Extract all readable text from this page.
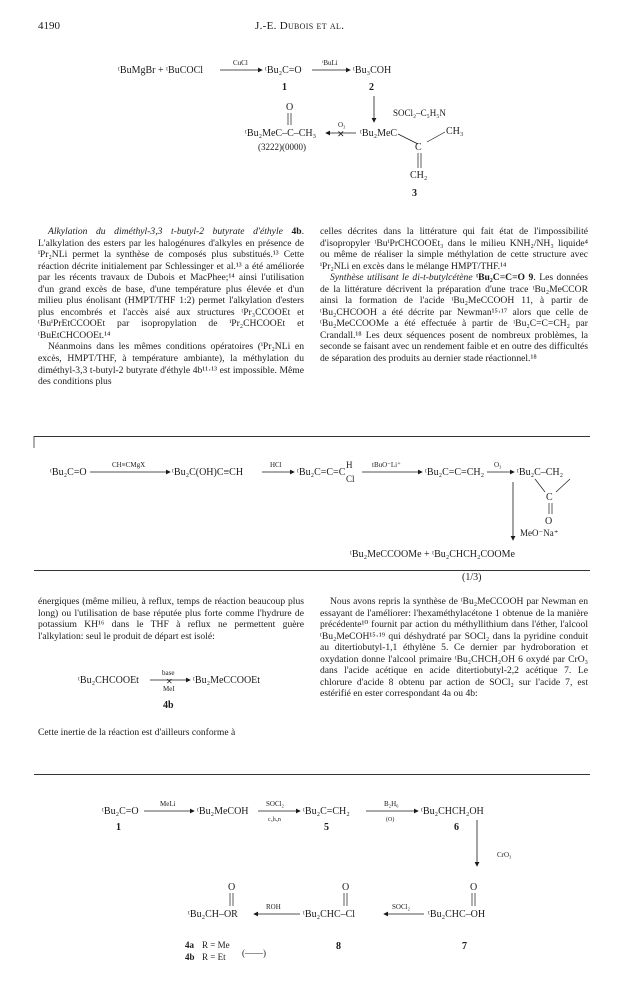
4190	J.-E. Dubois et al.
ᵗBuMgBr + ᵗBuCOCl
CuCl
ᵗBu₂C=O
ᵗBuLi
ᵗBu₃COH
1	2
SOCl₂–C₅H₅N
O
ᵗBu₂MeC–C–CH₃
(3222)(0000)
O₃
✕ ᵗBu₂MeC
C
CH₃
CH₂
3

Alkylation du diméthyl-3,3 t-butyl-2 butyrate d'éthyle 4b. L'alkylation des esters par les halogénures d'alkyles en présence de ⁱPr₂NLi permet la synthèse de composés plus substitués.¹³ Cette réaction décrite initialement par Schlessinger et al.¹³ a été améliorée par les récents travaux de Dubois et MacPhee;¹⁴ ainsi l'utilisation d'un grand excès de base, d'une température plus élevée et d'un milieu plus énolisant (HMPT/THF 1:2) permet l'alkylation d'esters plus encombrés et l'accès aisé aux structures ᵗPr₃CCOOEt et ᵗBuⁱPrEtCCOOEt par isopropylation de ⁱPr₂CHCOOEt et ᵗBuEtCHCOOEt.¹⁴

Néanmoins dans les mêmes conditions opératoires (ⁱPr₂NLi en excès, HMPT/THF, à température ambiante), la méthylation du diméthyl-3,3 t-butyl-2 butyrate d'éthyle 4b¹¹·¹³ est impossible. Même des conditions plus

celles décrites dans la littérature qui fait état de l'impossibilité d'isopropyler ᵗBuⁱPrCHCOOEt₃ dans le milieu KNH₂/NH₃ liquide⁴ ou même de réaliser la simple méthylation de cette structure avec ⁱPr₂NLi en excès dans le mélange HMPT/THF.¹⁴

Synthèse utilisant le di-t-butylcétène ᵗBu₂C=C=O 9. Les données de la littérature décrivent la préparation d'une trace ᵗBu₂MeCCOR ainsi la formation de l'acide ᵗBu₂MeCCOOH 11, à partir de ᵗBu₂CHCOOH a été décrite par Newman¹⁵·¹⁷ alors que celle de ᵗBu₂MeCCOOMe a été effectuée à partir de ᵗBu₂C=C=CH₂ par Crandall.¹⁸ Les deux séquences posent de nombreux problèmes, la seconde se faisant avec un rendement faible et en outre des difficultés de séparation des produits au dernier stade réactionnel.¹⁸

ᵗBu₂C=O
CH≡CMgX
ᵗBu₂C(OH)C≡CH
HCl
ᵗBu₂C=C=C
H
Cl
tBuO⁻Li⁺
ᵗBu₂C=C=CH₂
O₃
ᵗBu₂C–CH₂
C
O
MeO⁻Na⁺
ᵗBu₂MeCCOOMe + ᵗBu₂CHCH₂COOMe
(1/3)

énergiques (même milieu, à reflux, temps de réaction beaucoup plus long) ou l'utilisation de base réputée plus forte comme l'hydrure de potassium KH¹⁶ dans le THF à reflux ne permettent guère l'alkylation: seul le produit de départ est isolé:

ᵗBu₂CHCOOEt
base
MeI
✕ ᵗBu₂MeCCOOEt
4b

Cette inertie de la réaction est d'ailleurs conforme à

Nous avons repris la synthèse de ᵗBu₂MeCCOOH par Newman en essayant de l'améliorer: l'hexaméthylacétone 1 obtenue de la manière précédente¹⁰ fournit par action du méthyllithium dans l'éther, l'alcool ᵗBu₂MeCOH¹⁵·¹⁹ qui déshydraté par SOCl₂ dans la pyridine conduit au ditertiobutyl-1,1 éthylène 5. Ce dernier par hydroboration et oxydation donne l'alcool primaire ᵗBu₂CHCH₂OH 6 oxydé par CrO₃ dans l'acide acétique en acide ditertiobutyl-2,2 acétique 7. Le chlorure d'acide 8 obtenu par action de SOCl₂ sur l'acide 7, est estérifié en ester correspondant 4a ou 4b:

ᵗBu₂C=O
1
MeLi
ᵗBu₂MeCOH
SOCl₂
c₅h₅n
ᵗBu₂C=CH₂
5
B₂H₆
(O)
ᵗBu₂CHCH₂OH
6
CrO₃
O
ᵗBu₂CHC–OH
7
SOCl₂
O
ᵗBu₂CHC–Cl
8
ROH
O
ᵗBu₂CH–OR
4a R = Me
4b R = Et (——)
